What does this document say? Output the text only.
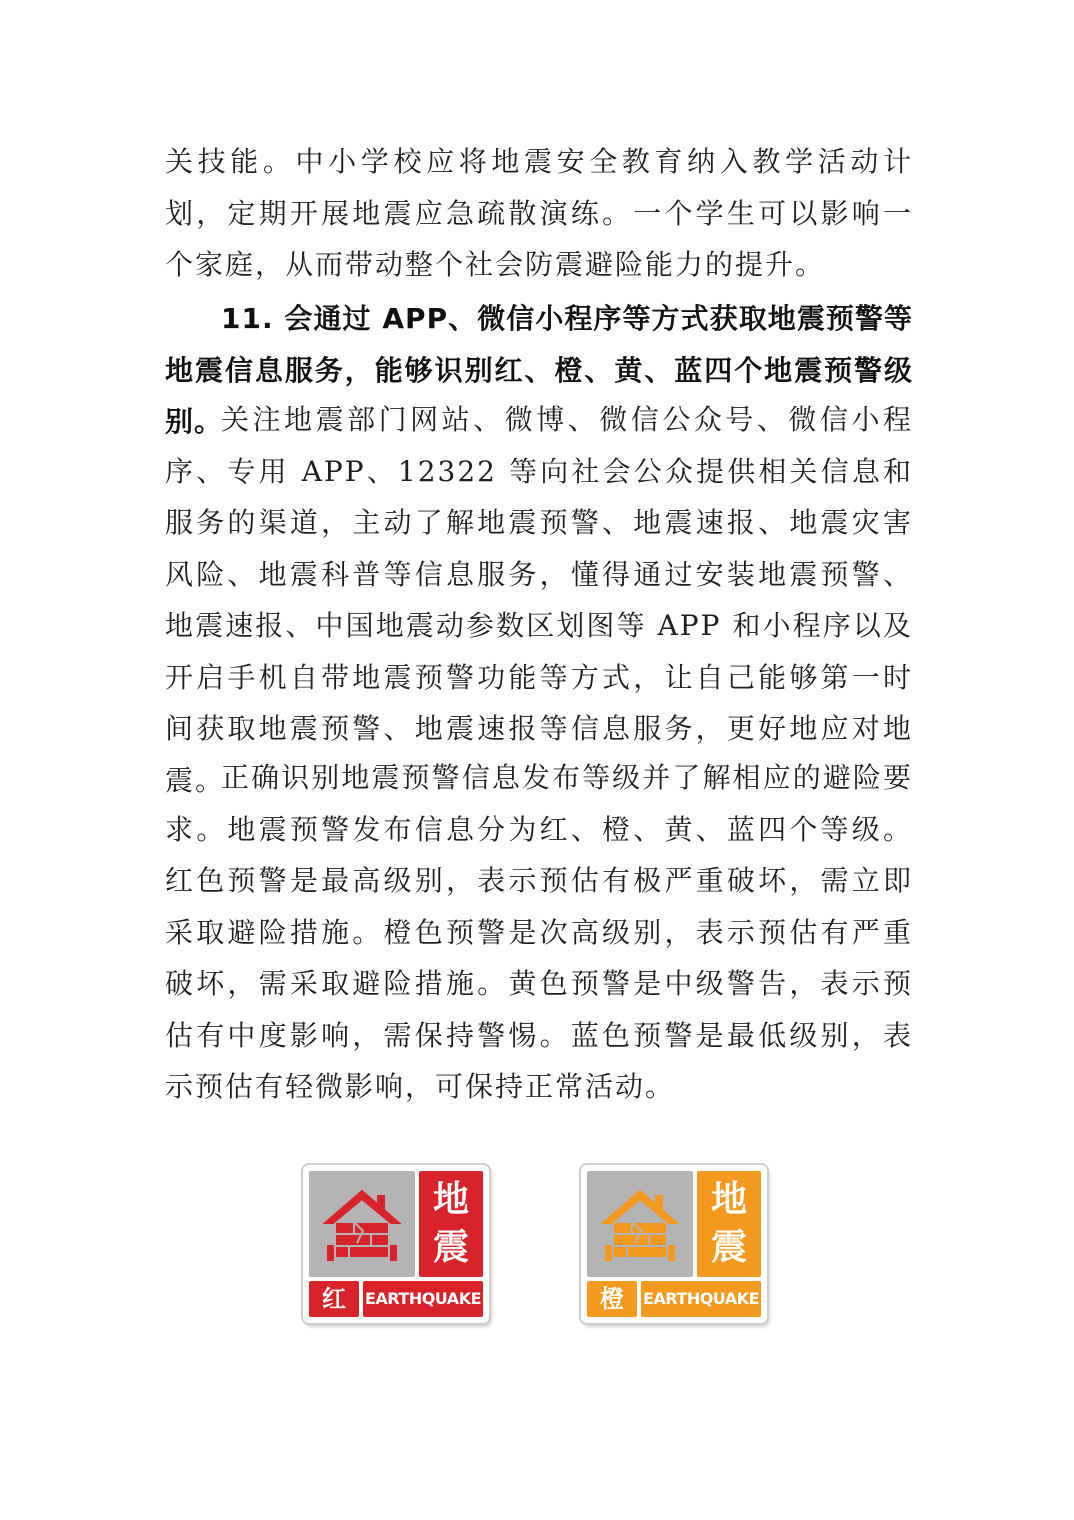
关技能。中小学校应将地震安全教育纳入教学活动计划，定期开展地震应急疏散演练。一个学生可以影响一个家庭，从而带动整个社会防震避险能力的提升。

11. 会通过 APP、微信小程序等方式获取地震预警等地震信息服务，能够识别红、橙、黄、蓝四个地震预警级别。

关注地震部门网站、微博、微信公众号、微信小程序、专用 APP、12322 等向社会公众提供相关信息和服务的渠道，主动了解地震预警、地震速报、地震灾害风险、地震科普等信息服务，懂得通过安装地震预警、地震速报、中国地震动参数区划图等 APP 和小程序以及开启手机自带地震预警功能等方式，让自己能够第一时间获取地震预警、地震速报等信息服务，更好地应对地震。

正确识别地震预警信息发布等级并了解相应的避险要求。地震预警发布信息分为红、橙、黄、蓝四个等级。红色预警是最高级别，表示预估有极严重破坏，需立即采取避险措施。橙色预警是次高级别，表示预估有严重破坏，需采取避险措施。黄色预警是中级警告，表示预估有中度影响，需保持警惕。蓝色预警是最低级别，表示预估有轻微影响，可保持正常活动。

地
震
红	EARTHQUAKE
地
震
橙	EARTHQUAKE
